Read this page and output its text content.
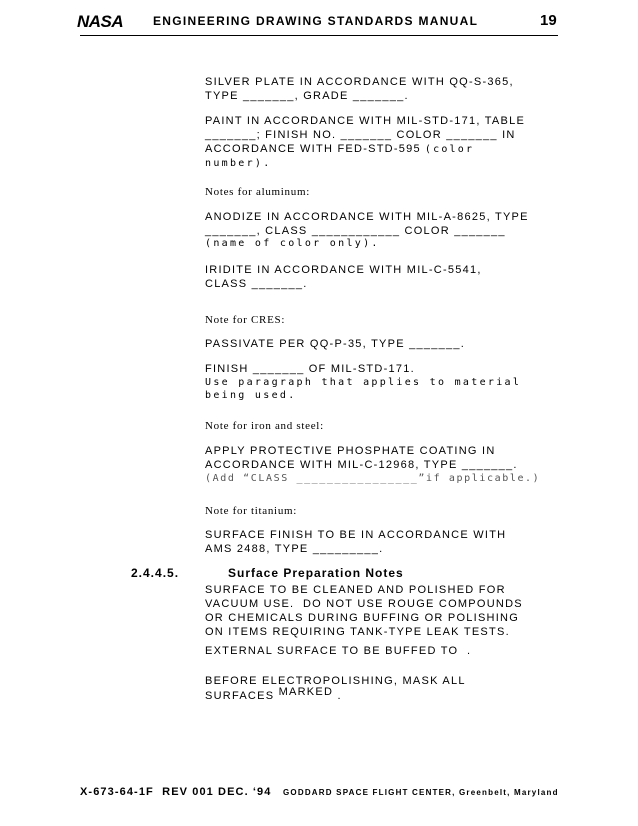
NASA ENGINEERING DRAWING STANDARDS MANUAL	19
SILVER PLATE IN ACCORDANCE WITH QQ-S-365,
TYPE _______, GRADE _______.
PAINT IN ACCORDANCE WITH MIL-STD-171, TABLE
_______; FINISH NO. _______ COLOR _______ IN
ACCORDANCE WITH FED-STD-595 (color
number).
Notes for aluminum:
ANODIZE IN ACCORDANCE WITH MIL-A-8625, TYPE
_______, CLASS ____________ COLOR _______
(name of color only).
IRIDITE IN ACCORDANCE WITH MIL-C-5541,
CLASS _______.
Note for CRES:
PASSIVATE PER QQ-P-35, TYPE _______.
FINISH _______ OF MIL-STD-171.
Use paragraph that applies to material
being used.
Note for iron and steel:
APPLY PROTECTIVE PHOSPHATE COATING IN
ACCORDANCE WITH MIL-C-12968, TYPE _______.
(Add “CLASS ________________”if applicable.)
Note for titanium:
SURFACE FINISH TO BE IN ACCORDANCE WITH
AMS 2488, TYPE _________.
2.4.4.5.	Surface Preparation Notes
SURFACE TO BE CLEANED AND POLISHED FOR
VACUUM USE.  DO NOT USE ROUGE COMPOUNDS
OR CHEMICALS DURING BUFFING OR POLISHING
ON ITEMS REQUIRING TANK-TYPE LEAK TESTS.
EXTERNAL SURFACE TO BE BUFFED TO  .
BEFORE ELECTROPOLISHING, MASK ALL
SURFACES MARKED .
X-673-64-1F  REV 001 DEC. ‘94 GODDARD SPACE FLIGHT CENTER, Greenbelt, Maryland
